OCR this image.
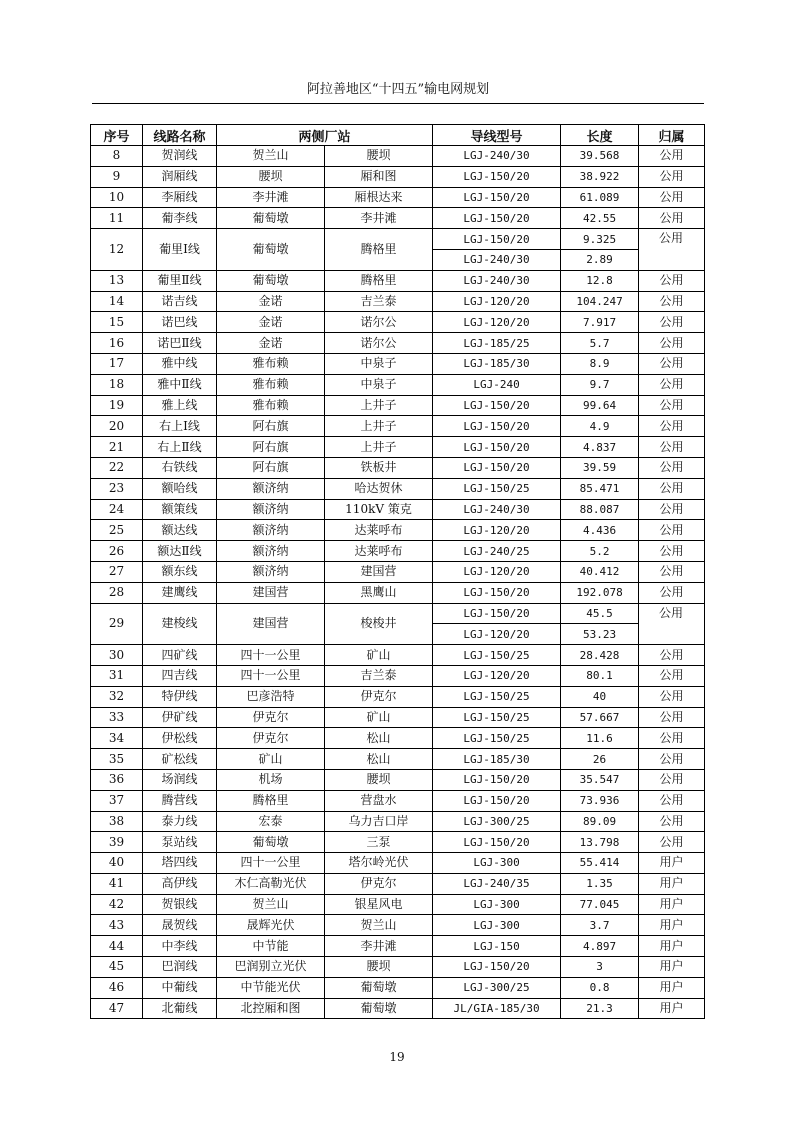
阿拉善地区“十四五”输电网规划
序号	线路名称	两侧厂站		导线型号	长度	归属
8	贺润线	贺兰山	腰坝	LGJ-240/30	39.568	公用
9	润厢线	腰坝	厢和图	LGJ-150/20	38.922	公用
10	李厢线	李井滩	厢根达来	LGJ-150/20	61.089	公用
11	葡李线	葡萄墩	李井滩	LGJ-150/20	42.55	公用
12	葡里Ⅰ线	葡萄墩	腾格里	LGJ-150/20	9.325	公用
				LGJ-240/30	2.89	
13	葡里Ⅱ线	葡萄墩	腾格里	LGJ-240/30	12.8	公用
14	诺吉线	金诺	吉兰泰	LGJ-120/20	104.247	公用
15	诺巴线	金诺	诺尔公	LGJ-120/20	7.917	公用
16	诺巴Ⅱ线	金诺	诺尔公	LGJ-185/25	5.7	公用
17	雅中线	雅布赖	中泉子	LGJ-185/30	8.9	公用
18	雅中Ⅱ线	雅布赖	中泉子	LGJ-240	9.7	公用
19	雅上线	雅布赖	上井子	LGJ-150/20	99.64	公用
20	右上Ⅰ线	阿右旗	上井子	LGJ-150/20	4.9	公用
21	右上Ⅱ线	阿右旗	上井子	LGJ-150/20	4.837	公用
22	右铁线	阿右旗	铁板井	LGJ-150/20	39.59	公用
23	额哈线	额济纳	哈达贺休	LGJ-150/25	85.471	公用
24	额策线	额济纳	110kV 策克	LGJ-240/30	88.087	公用
25	额达线	额济纳	达莱呼布	LGJ-120/20	4.436	公用
26	额达Ⅱ线	额济纳	达莱呼布	LGJ-240/25	5.2	公用
27	额东线	额济纳	建国营	LGJ-120/20	40.412	公用
28	建鹰线	建国营	黑鹰山	LGJ-150/20	192.078	公用
29	建梭线	建国营	梭梭井	LGJ-150/20	45.5	公用
				LGJ-120/20	53.23	
30	四矿线	四十一公里	矿山	LGJ-150/25	28.428	公用
31	四吉线	四十一公里	吉兰泰	LGJ-120/20	80.1	公用
32	特伊线	巴彦浩特	伊克尔	LGJ-150/25	40	公用
33	伊矿线	伊克尔	矿山	LGJ-150/25	57.667	公用
34	伊松线	伊克尔	松山	LGJ-150/25	11.6	公用
35	矿松线	矿山	松山	LGJ-185/30	26	公用
36	场润线	机场	腰坝	LGJ-150/20	35.547	公用
37	腾营线	腾格里	营盘水	LGJ-150/20	73.936	公用
38	泰力线	宏泰	乌力吉口岸	LGJ-300/25	89.09	公用
39	泵站线	葡萄墩	三泵	LGJ-150/20	13.798	公用
40	塔四线	四十一公里	塔尔岭光伏	LGJ-300	55.414	用户
41	高伊线	木仁高勒光伏	伊克尔	LGJ-240/35	1.35	用户
42	贺银线	贺兰山	银星风电	LGJ-300	77.045	用户
43	晟贺线	晟辉光伏	贺兰山	LGJ-300	3.7	用户
44	中李线	中节能	李井滩	LGJ-150	4.897	用户
45	巴润线	巴润别立光伏	腰坝	LGJ-150/20	3	用户
46	中葡线	中节能光伏	葡萄墩	LGJ-300/25	0.8	用户
47	北葡线	北控厢和图	葡萄墩	JL/GIA-185/30	21.3	用户
19
